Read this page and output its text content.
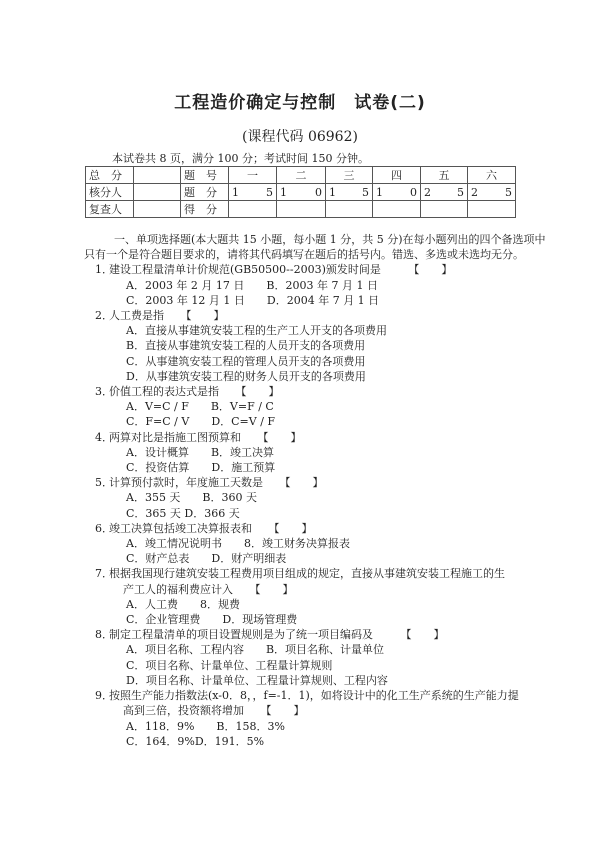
工程造价确定与控制　试卷(二)
(课程代码 06962)
本试卷共 8 页，满分 100 分；考试时间 150 分钟。
总　分		题　号	一	二	三	四	五	六
核分人		题　分	1 5	1 0	1 5	1 0	2 5	2 5

复查人		得　分						
一、单项选择题(本大题共 15 小题，每小题 1 分，共 5 分)在每小题列出的四个备选项中
只有一个是符合题目要求的，请将其代码填写在题后的括号内。错选、多选或未选均无分。
1．建设工程量清单计价规范(GB50500--2003)颁发时间是　　　【　　】
A．2003 年 2 月 17 日　　B．2003 年 7 月 1 日
C．2003 年 12 月 1 日　　D．2004 年 7 月 1 日
2．人工费是指　　【　　】
A．直接从事建筑安装工程的生产工人开支的各项费用
B．直接从事建筑安装工程的人员开支的各项费用
C．从事建筑安装工程的管理人员开支的各项费用
D．从事建筑安装工程的财务人员开支的各项费用
3．价值工程的表达式是指　　【　　】
A．V=C / F　　B．V=F / C
C．F=C / V　　D．C=V / F
4．两算对比是指施工图预算和　　【　　】
A．设计概算　　B．竣工决算
C．投资估算　　D．施工预算
5．计算预付款时，年度施工天数是　　【　　】
A．355 天　　B．360 天
C．365 天 D．366 天
6．竣工决算包括竣工决算报表和　　【　　】
A．竣工情况说明书　　8．竣工财务决算报表
C．财产总表　　D．财产明细表
7．根据我国现行建筑安装工程费用项目组成的规定，直接从事建筑安装工程施工的生
产工人的福利费应计入　　【　　】
A．人工费　　8．规费
C．企业管理费　　D．现场管理费
8．制定工程量清单的项目设置规则是为了统一项目编码及　　　【　　】
A．项目名称、工程内容　　B．项目名称、计量单位
C．项目名称、计量单位、工程量计算规则
D．项目名称、计量单位、工程量计算规则、工程内容
9．按照生产能力指数法(x-0．8，，f=-1．1)，如将设计中的化工生产系统的生产能力提
高到三倍，投资额将增加　　【　　】
A．118．9%　　B．158．3%
C．164．9%D．191．5%
